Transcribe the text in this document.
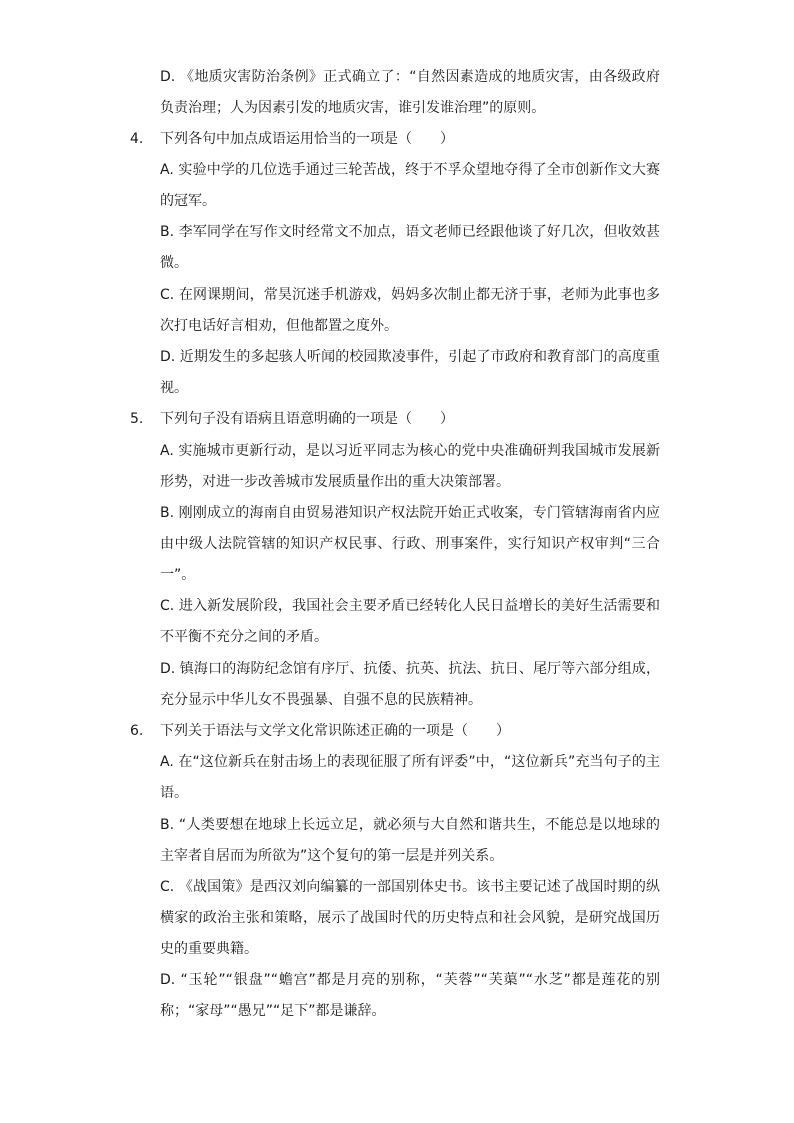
D. 《地质灾害防治条例》正式确立了：“自然因素造成的地质灾害，由各级政府负责治理；人为因素引发的地质灾害，谁引发谁治理”的原则。

4. 下列各句中加点成语运用恰当的一项是（　　）

A. 实验中学的几位选手通过三轮苦战，终于不孚众望地夺得了全市创新作文大赛的冠军。

B. 李军同学在写作文时经常文不加点，语文老师已经跟他谈了好几次，但收效甚微。

C. 在网课期间，常昊沉迷手机游戏，妈妈多次制止都无济于事，老师为此事也多次打电话好言相劝，但他都置之度外。

D. 近期发生的多起骇人听闻的校园欺凌事件，引起了市政府和教育部门的高度重视。

5. 下列句子没有语病且语意明确的一项是（　　）

A. 实施城市更新行动，是以习近平同志为核心的党中央准确研判我国城市发展新形势，对进一步改善城市发展质量作出的重大决策部署。

B. 刚刚成立的海南自由贸易港知识产权法院开始正式收案，专门管辖海南省内应由中级人法院管辖的知识产权民事、行政、刑事案件，实行知识产权审判“三合一”。

C. 进入新发展阶段，我国社会主要矛盾已经转化人民日益增长的美好生活需要和不平衡不充分之间的矛盾。

D. 镇海口的海防纪念馆有序厅、抗倭、抗英、抗法、抗日、尾厅等六部分组成，充分显示中华儿女不畏强暴、自强不息的民族精神。

6. 下列关于语法与文学文化常识陈述正确的一项是（　　）

A. 在“这位新兵在射击场上的表现征服了所有评委”中，“这位新兵”充当句子的主语。

B. “人类要想在地球上长远立足，就必须与大自然和谐共生，不能总是以地球的主宰者自居而为所欲为”这个复句的第一层是并列关系。

C. 《战国策》是西汉刘向编纂的一部国别体史书。该书主要记述了战国时期的纵横家的政治主张和策略，展示了战国时代的历史特点和社会风貌，是研究战国历史的重要典籍。

D. “玉轮”“银盘”“蟾宫”都是月亮的别称，“芙蓉”“芙蕖”“水芝”都是莲花的别称；“家母”“愚兄”“足下”都是谦辞。
